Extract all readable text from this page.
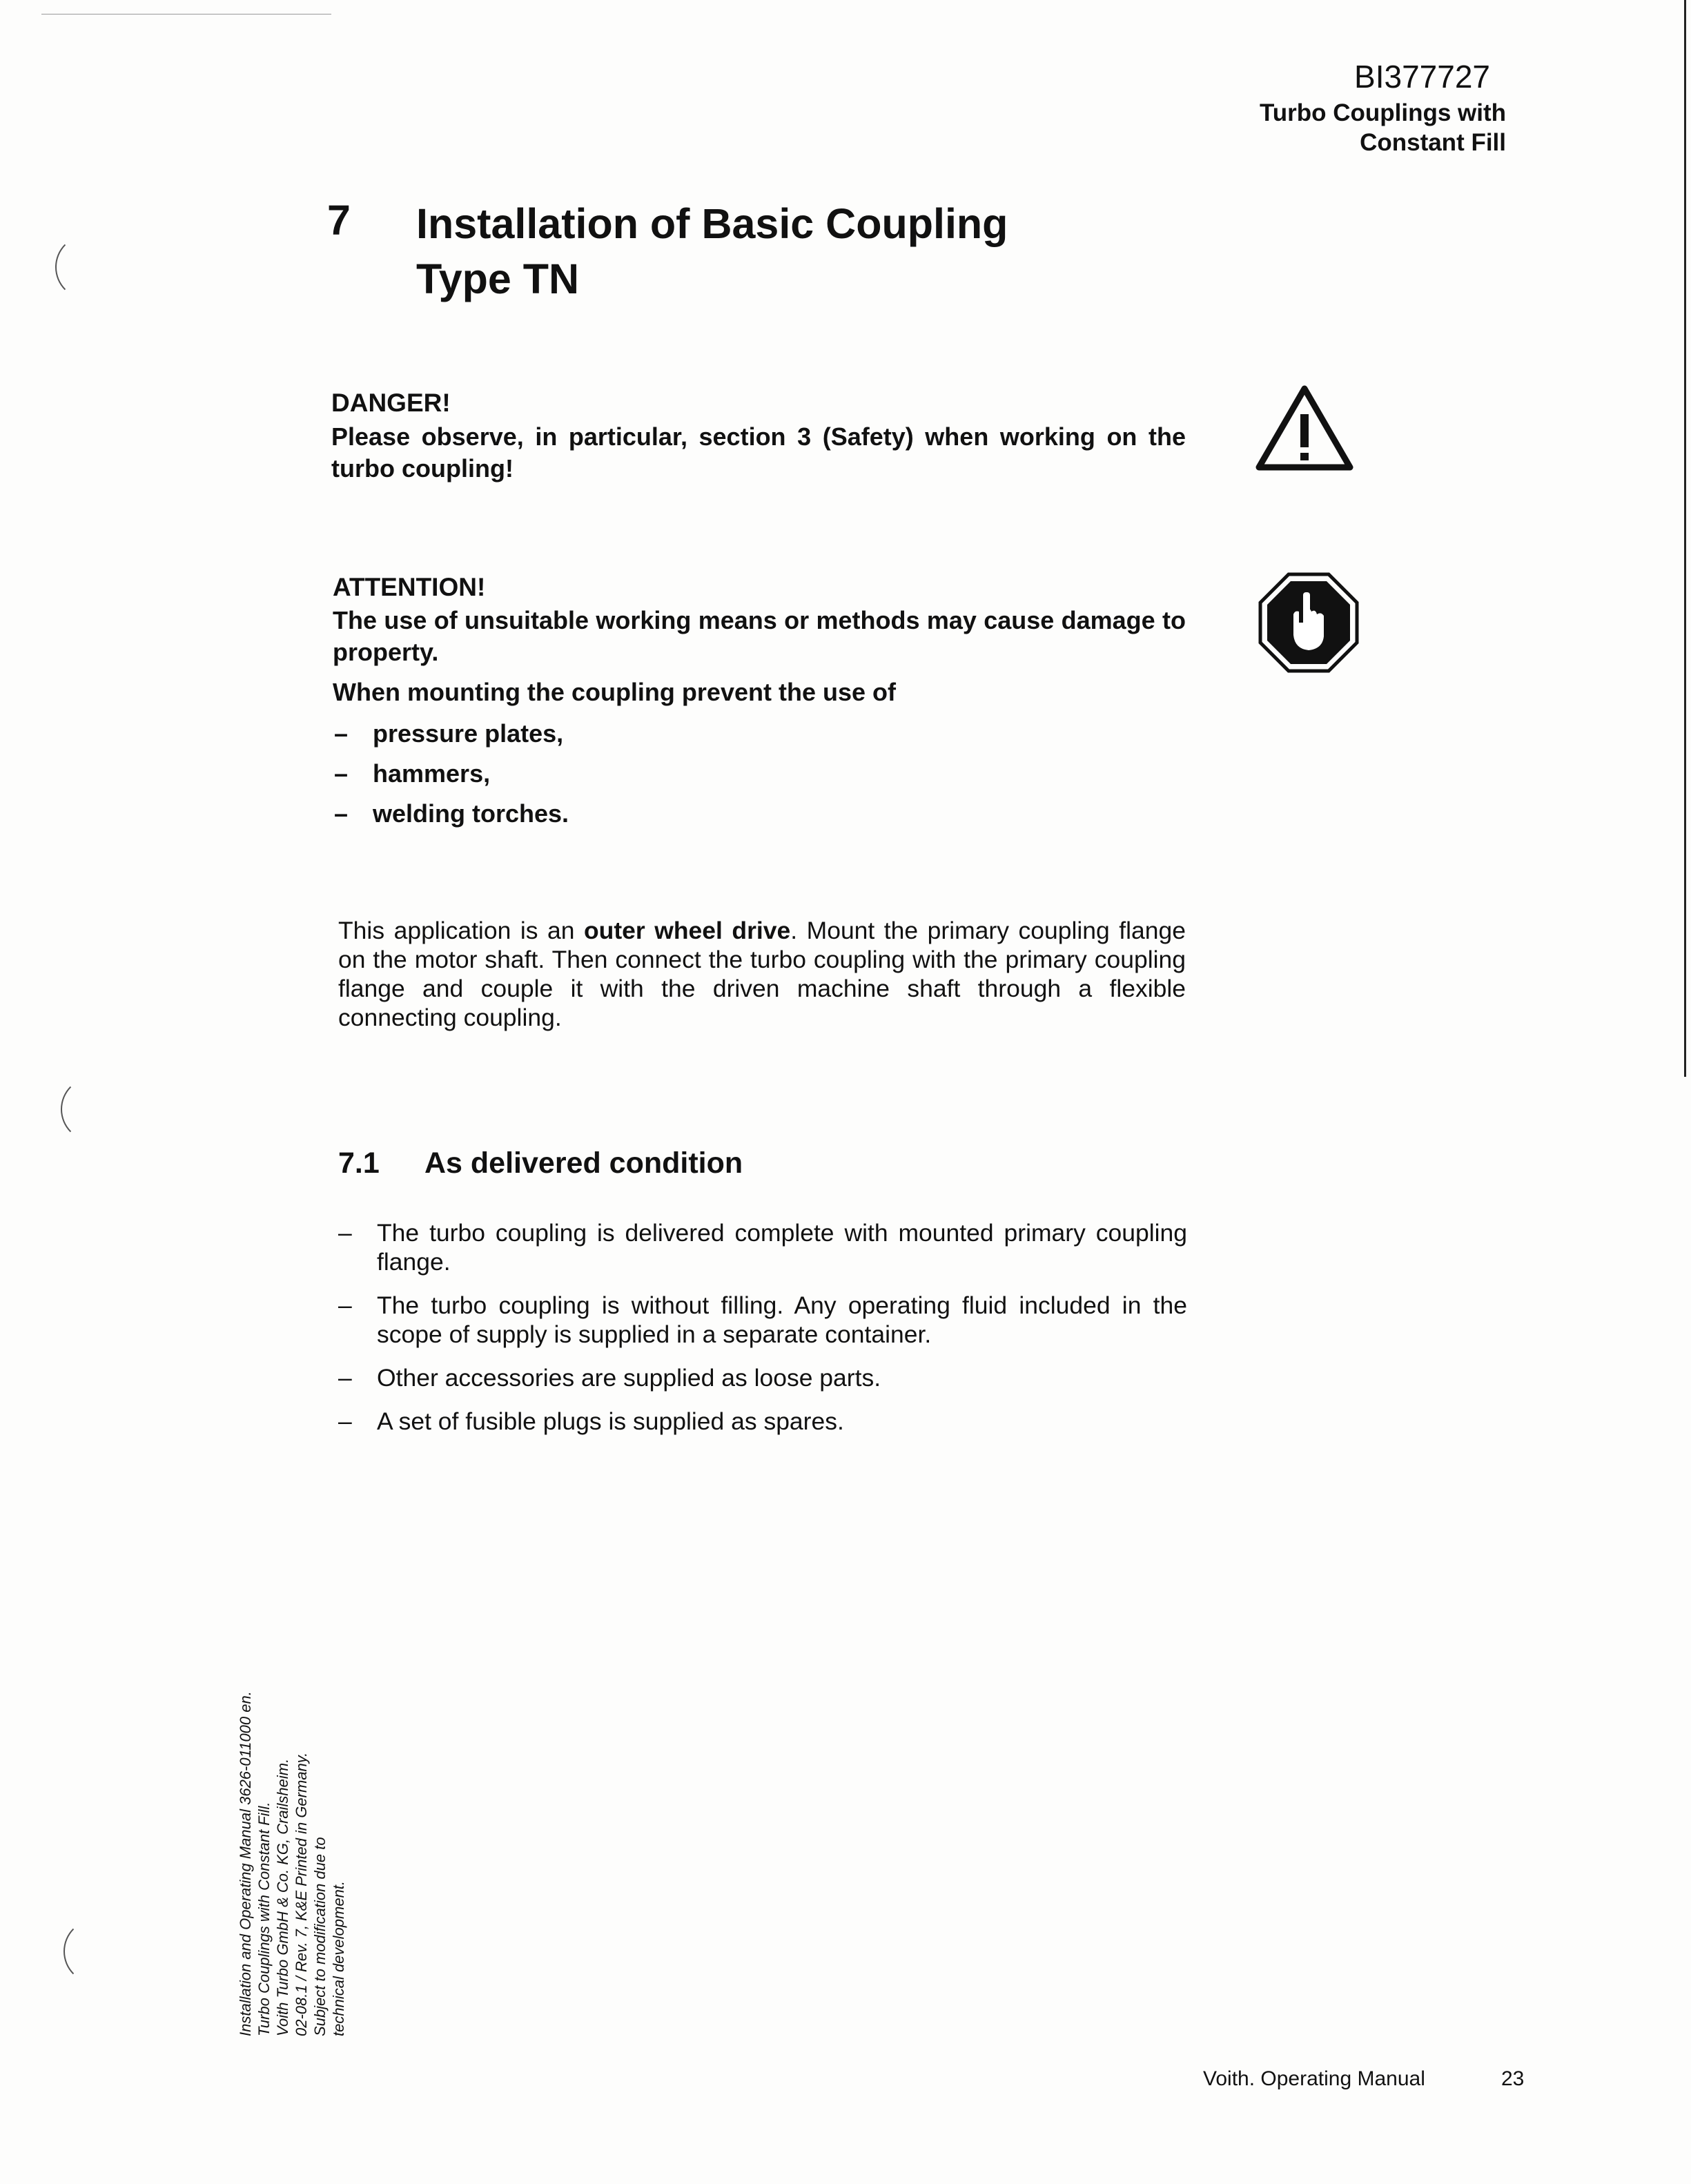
BI377727
Turbo Couplings with
Constant Fill
7 Installation of Basic Coupling
Type TN
DANGER!
Please observe, in particular, section 3 (Safety) when working on the turbo coupling!
ATTENTION!
The use of unsuitable working means or methods may cause damage to property.
When mounting the coupling prevent the use of
– pressure plates,
– hammers,
– welding torches.
This application is an outer wheel drive. Mount the primary coupling flange on the motor shaft. Then connect the turbo coupling with the primary coupling flange and couple it with the driven machine shaft through a flexible connecting coupling.
7.1 As delivered condition
– The turbo coupling is delivered complete with mounted primary coupling flange.
– The turbo coupling is without filling. Any operating fluid included in the scope of supply is supplied in a separate container.
– Other accessories are supplied as loose parts.
– A set of fusible plugs is supplied as spares.
Installation and Operating Manual 3626-011000 en. Turbo Couplings with Constant Fill. Voith Turbo GmbH & Co. KG, Crailsheim. 02-08.1 / Rev. 7, K&E Printed in Germany. Subject to modification due to technical development.
Voith. Operating Manual	23
